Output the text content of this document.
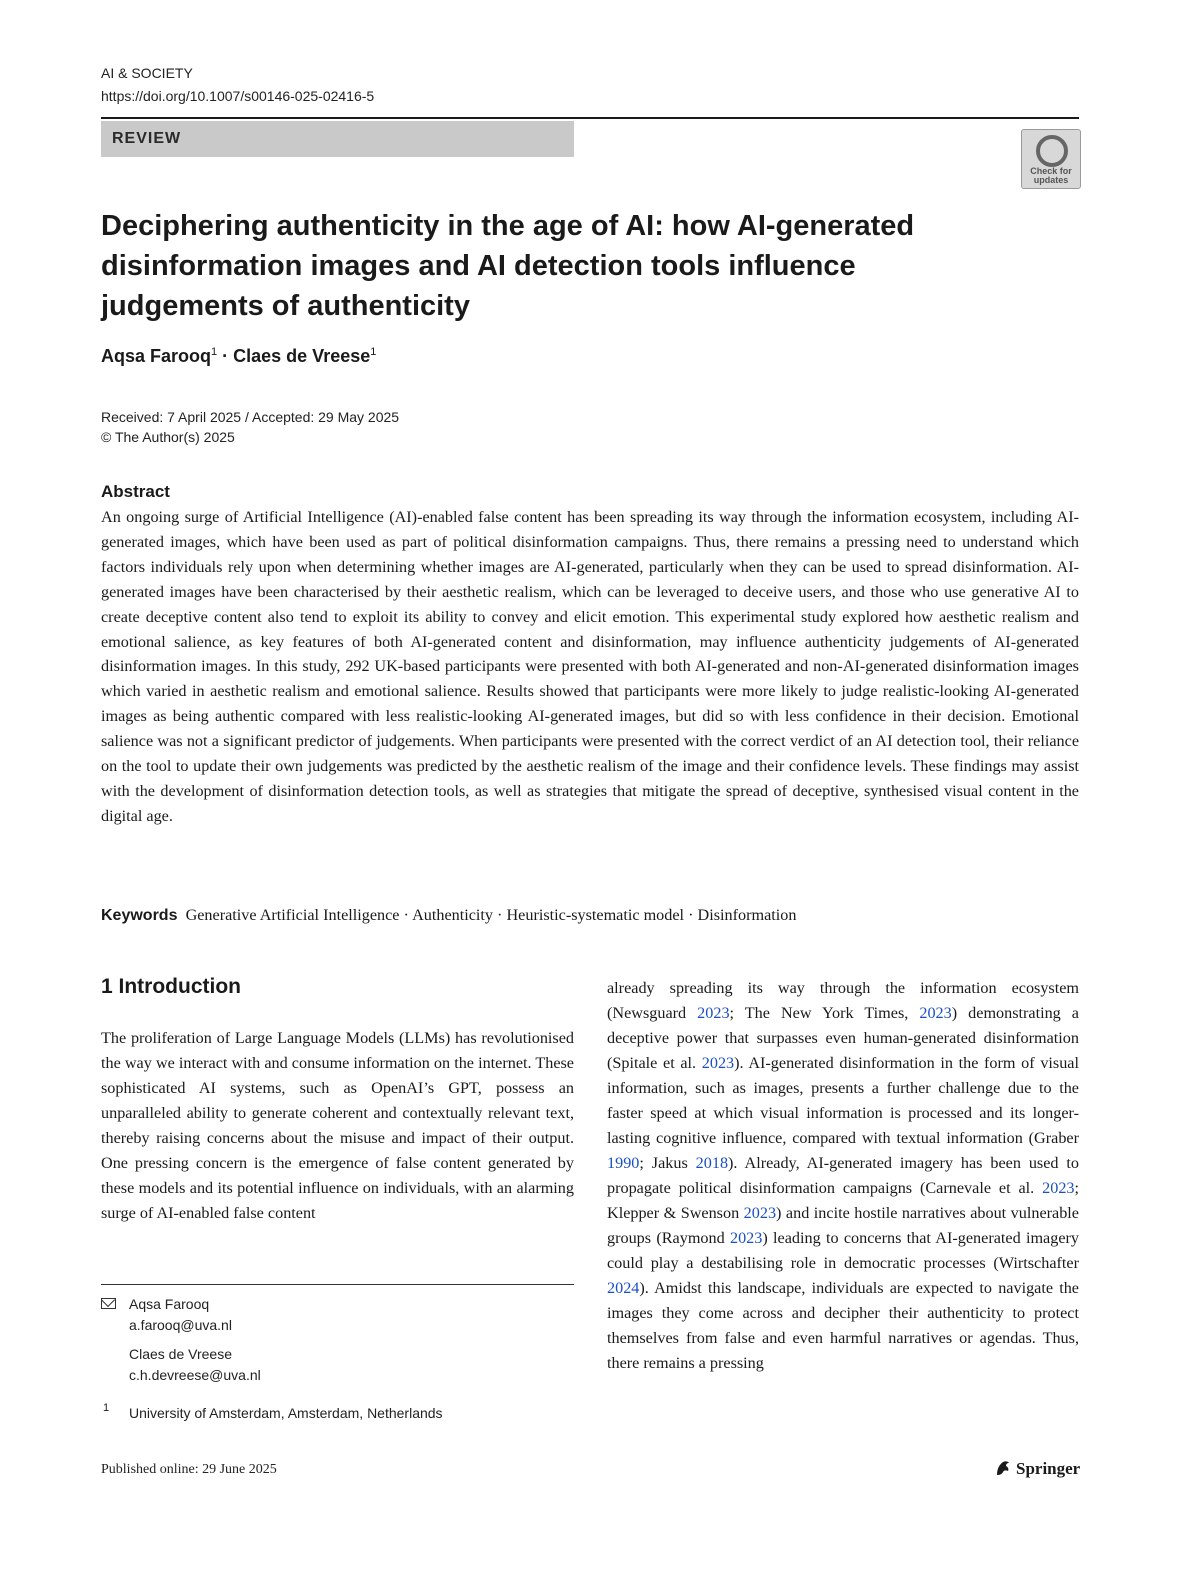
AI & SOCIETY
https://doi.org/10.1007/s00146-025-02416-5
REVIEW
Check for
updates
Deciphering authenticity in the age of AI: how AI-generated disinformation images and AI detection tools influence judgements of authenticity
Aqsa Farooq$^1$ · Claes de Vreese$^1$
Received: 7 April 2025 / Accepted: 29 May 2025
© The Author(s) 2025
Abstract
An ongoing surge of Artificial Intelligence (AI)-enabled false content has been spreading its way through the information ecosystem, including AI-generated images, which have been used as part of political disinformation campaigns. Thus, there remains a pressing need to understand which factors individuals rely upon when determining whether images are AI-generated, particularly when they can be used to spread disinformation. AI-generated images have been characterised by their aesthetic realism, which can be leveraged to deceive users, and those who use generative AI to create deceptive content also tend to exploit its ability to convey and elicit emotion. This experimental study explored how aesthetic realism and emotional salience, as key features of both AI-generated content and disinformation, may influence authenticity judgements of AI-generated disinformation images. In this study, 292 UK-based participants were presented with both AI-generated and non-AI-generated disinformation images which varied in aesthetic realism and emotional salience. Results showed that participants were more likely to judge realistic-looking AI-generated images as being authentic compared with less realistic-looking AI-generated images, but did so with less confidence in their decision. Emotional salience was not a significant predictor of judgements. When participants were presented with the correct verdict of an AI detection tool, their reliance on the tool to update their own judgements was predicted by the aesthetic realism of the image and their confidence levels. These findings may assist with the development of disinformation detection tools, as well as strategies that mitigate the spread of deceptive, synthesised visual content in the digital age.
Keywords Generative Artificial Intelligence · Authenticity · Heuristic-systematic model · Disinformation
1 Introduction
The proliferation of Large Language Models (LLMs) has revolutionised the way we interact with and consume information on the internet. These sophisticated AI systems, such as OpenAI’s GPT, possess an unparalleled ability to generate coherent and contextually relevant text, thereby raising concerns about the misuse and impact of their output. One pressing concern is the emergence of false content generated by these models and its potential influence on individuals, with an alarming surge of AI-enabled false content
already spreading its way through the information ecosystem (Newsguard 2023; The New York Times, 2023) demonstrating a deceptive power that surpasses even human-generated disinformation (Spitale et al. 2023). AI-generated disinformation in the form of visual information, such as images, presents a further challenge due to the faster speed at which visual information is processed and its longer-lasting cognitive influence, compared with textual information (Graber 1990; Jakus 2018). Already, AI-generated imagery has been used to propagate political disinformation campaigns (Carnevale et al. 2023; Klepper & Swenson 2023) and incite hostile narratives about vulnerable groups (Raymond 2023) leading to concerns that AI-generated imagery could play a destabilising role in democratic processes (Wirtschafter 2024). Amidst this landscape, individuals are expected to navigate the images they come across and decipher their authenticity to protect themselves from false and even harmful narratives or agendas. Thus, there remains a pressing
Aqsa Farooq
a.farooq@uva.nl
Claes de Vreese
c.h.devreese@uva.nl
1 University of Amsterdam, Amsterdam, Netherlands
Published online: 29 June 2025	Springer
